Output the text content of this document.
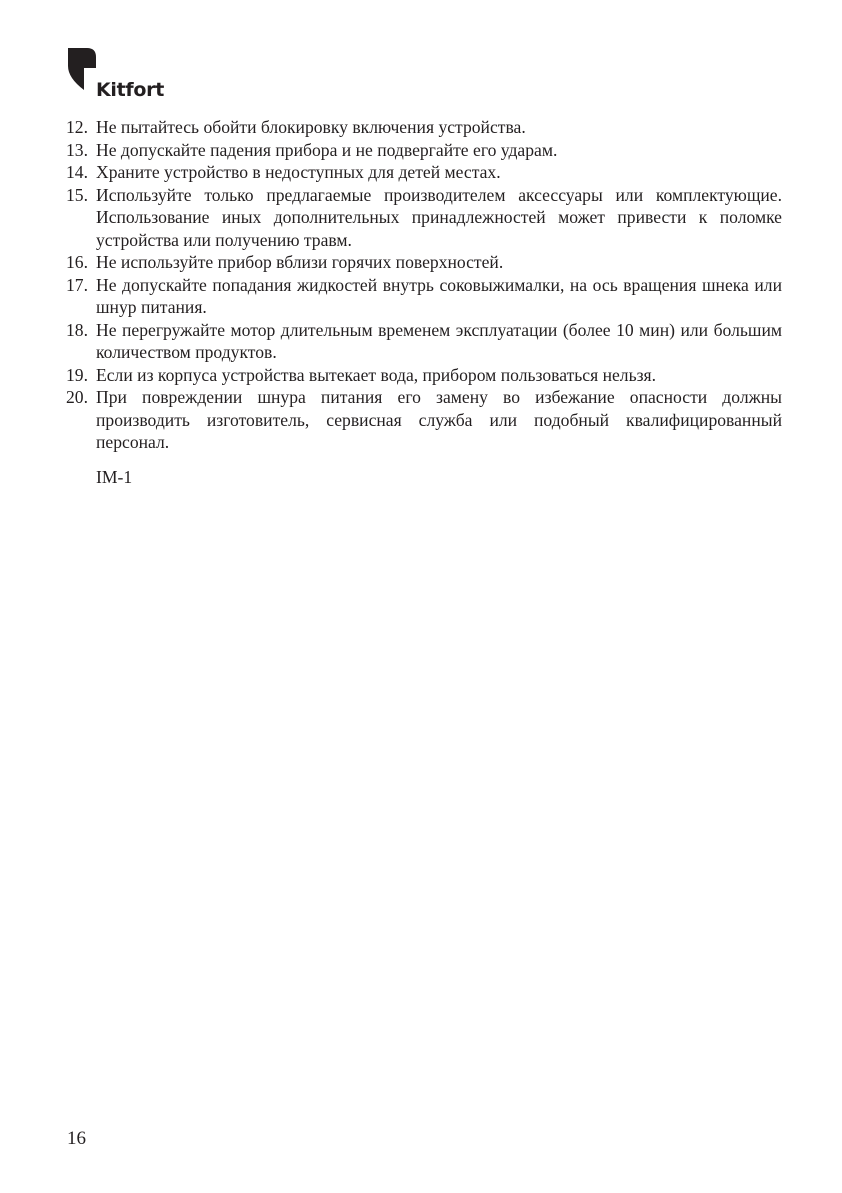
Kitfort
12. Не пытайтесь обойти блокировку включения устройства.
13. Не допускайте падения прибора и не подвергайте его ударам.
14. Храните устройство в недоступных для детей местах.
15. Используйте только предлагаемые производителем аксессуары или комплектующие. Использование иных дополнительных принадлежностей может привести к поломке устройства или получению травм.
16. Не используйте прибор вблизи горячих поверхностей.
17. Не допускайте попадания жидкостей внутрь соковыжималки, на ось вращения шнека или шнур питания.
18. Не перегружайте мотор длительным временем эксплуатации (более 10 мин) или большим количеством продуктов.
19. Если из корпуса устройства вытекает вода, прибором пользоваться нельзя.
20. При повреждении шнура питания его замену во избежание опасности должны производить изготовитель, сервисная служба или подобный квалифицированный персонал.
IM-1
16
